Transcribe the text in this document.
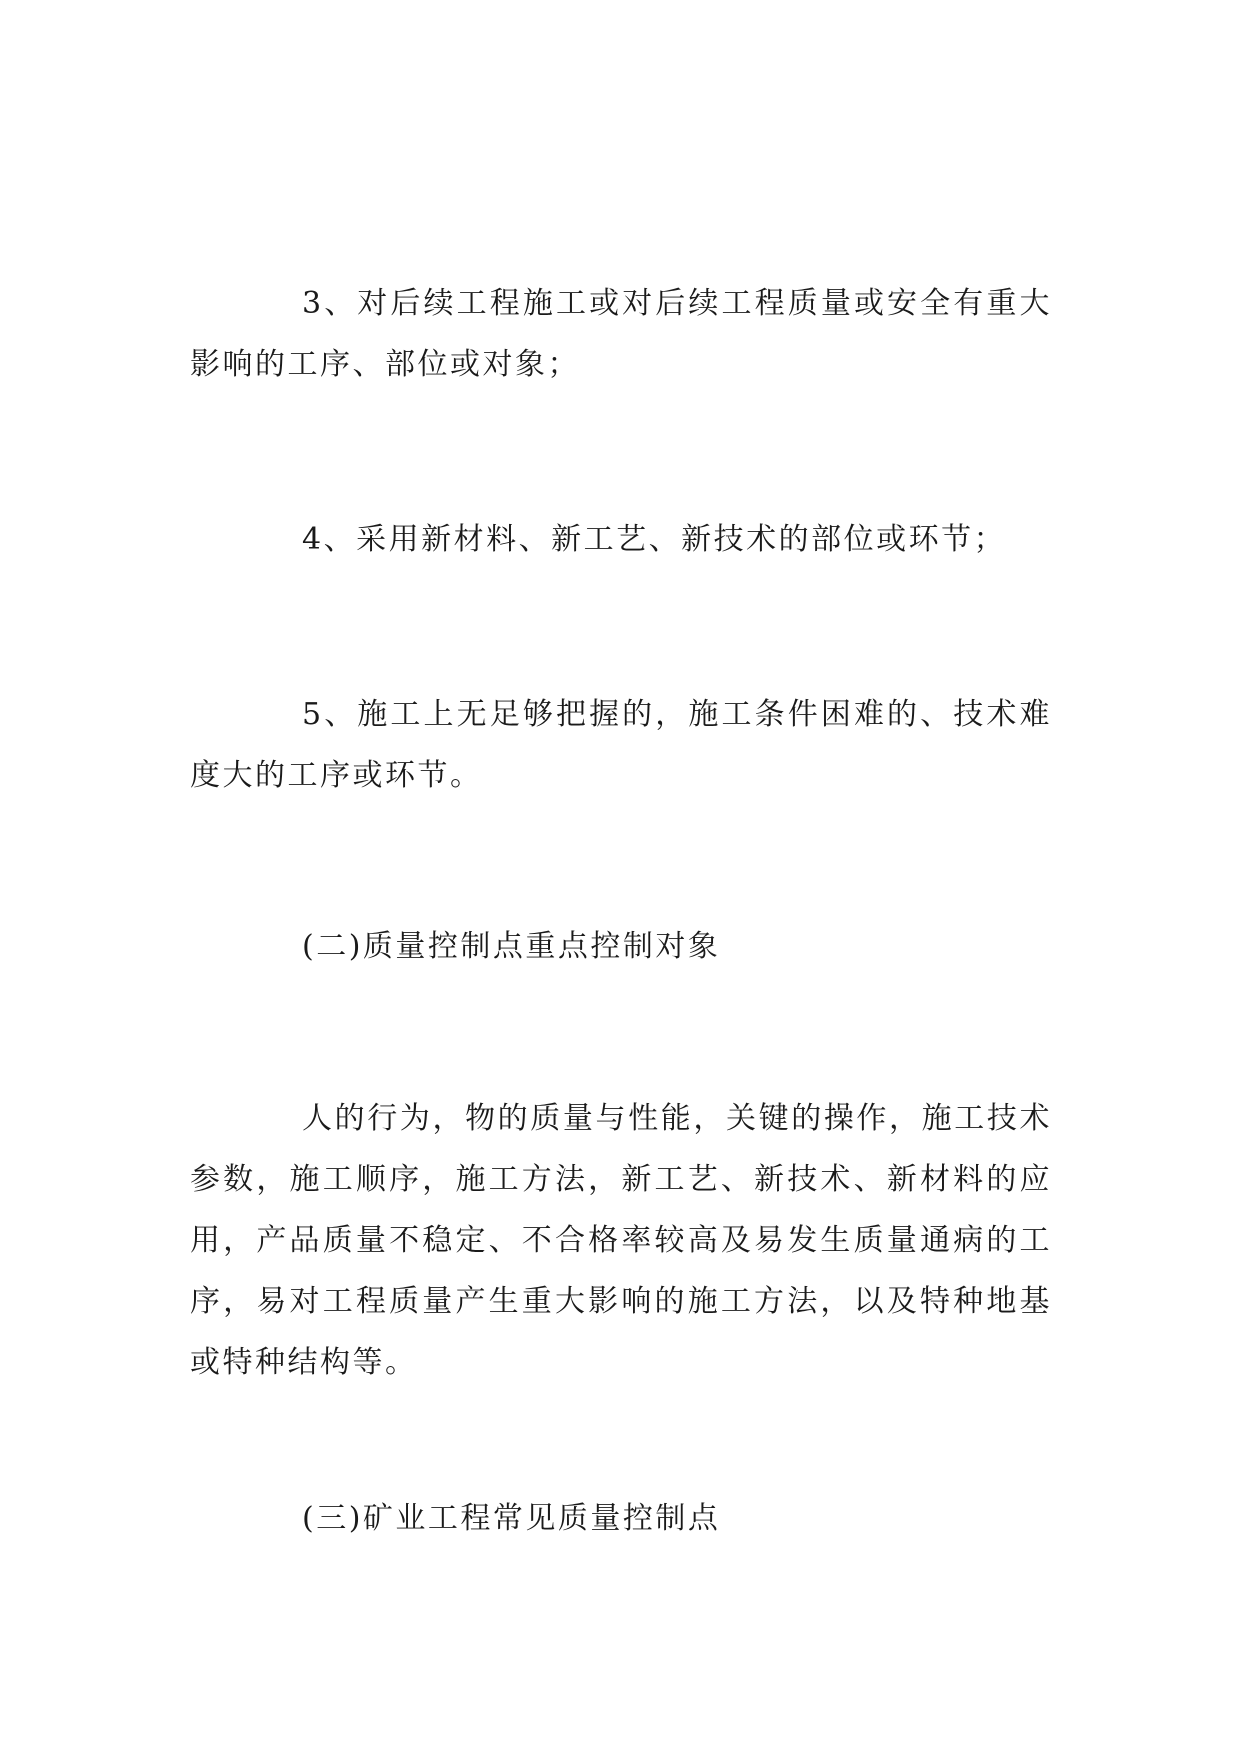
3、对后续工程施工或对后续工程质量或安全有重大影响的工序、部位或对象；

4、采用新材料、新工艺、新技术的部位或环节；

5、施工上无足够把握的，施工条件困难的、技术难度大的工序或环节。

(二)质量控制点重点控制对象

人的行为，物的质量与性能，关键的操作，施工技术参数，施工顺序，施工方法，新工艺、新技术、新材料的应用，产品质量不稳定、不合格率较高及易发生质量通病的工序，易对工程质量产生重大影响的施工方法，以及特种地基或特种结构等。

(三)矿业工程常见质量控制点
